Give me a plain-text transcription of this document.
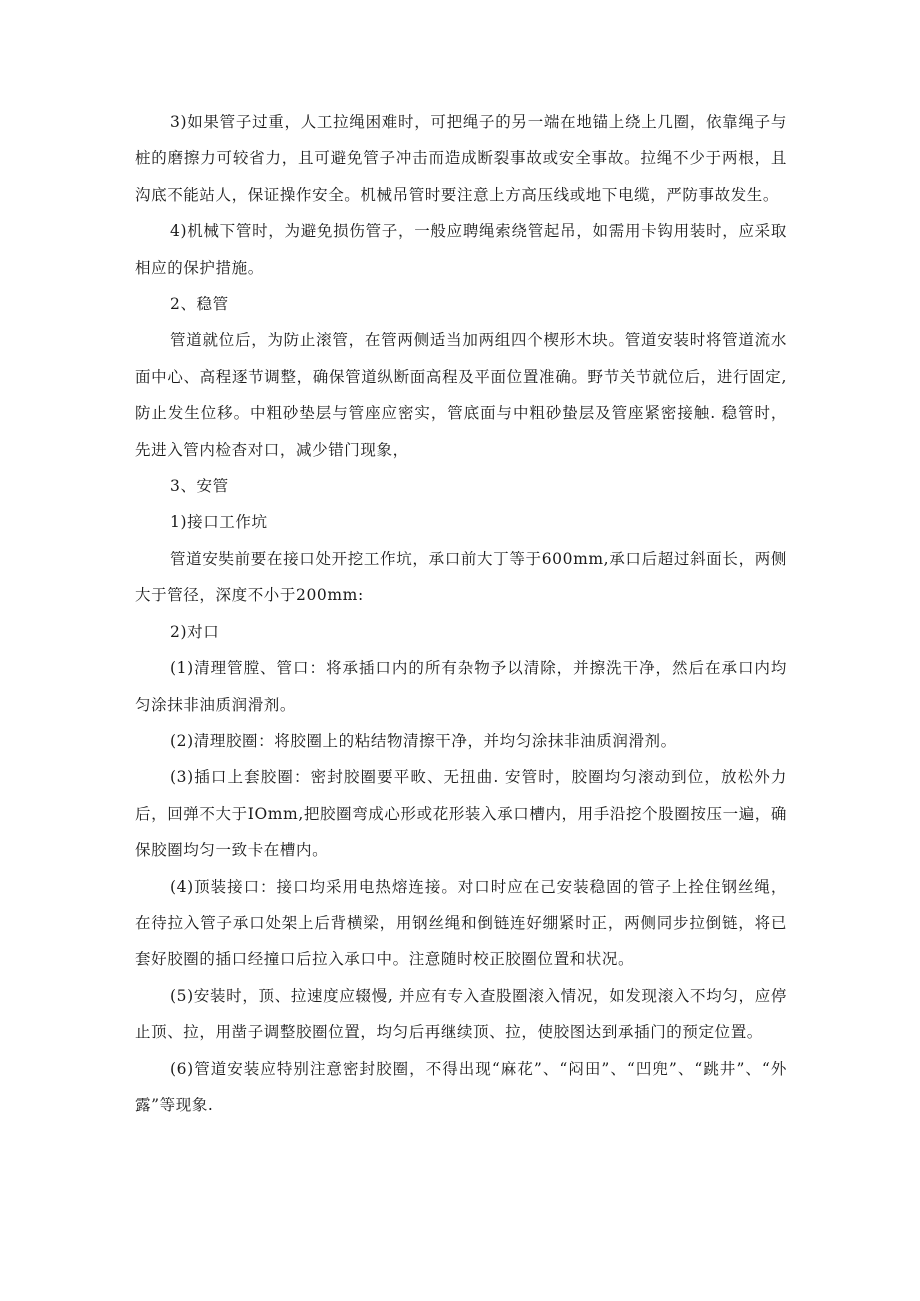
3)如果管子过重，人工拉绳困难时，可把绳子的另一端在地锚上绕上几圈，依靠绳子与桩的磨擦力可较省力，且可避免管子冲击而造成断裂事故或安全事故。拉绳不少于两根，且沟底不能站人，保证操作安全。机械吊管时要注意上方高压线或地下电缆，严防事故发生。

4)机械下管时，为避免损伤管子，一般应聘绳索绕管起吊，如需用卡钩用装时，应采取相应的保护措施。

2、稳管

管道就位后，为防止滚管，在管两侧适当加两组四个楔形木块。管道安装时将管道流水面中心、高程逐节调整，确保管道纵断面高程及平面位置准确。野节关节就位后，进行固定, 防止发生位移。中粗砂垫层与管座应密实，管底面与中粗砂蛰层及管座紧密接触. 稳管时，先进入管内检杳对口，减少错门现象，

3、安管

1)接口工作坑

管道安奘前要在接口处开挖工作坑，承口前大丁等于600mm,承口后超过斜面长，两侧大于管径，深度不小于200mm:

2)对口

(1)清理管膛、管口：将承插口内的所有杂物予以清除，并擦洗干净，然后在承口内均匀涂抹非油质润滑剂。

(2)清理胶圈：将胶圈上的粘结物清擦干净，并均匀涂抹非油质润滑剂。

(3)插口上套胶圈：密封胶圈要平畋、无扭曲. 安管时，胶圈均匀滚动到位，放松外力后，回弹不大于IOmm,把胶圈弯成心形或花形装入承口槽内，用手沿挖个股圈按压一遍，确保胶圈均匀一致卡在槽内。

(4)顶装接口：接口均采用电热熔连接。对口时应在己安装稳固的管子上拴住钢丝绳，在待拉入管子承口处架上后背横梁，用钢丝绳和倒链连好绷紧时正，两侧同步拉倒链，将已套好胶圈的插口经撞口后拉入承口中。注意随时校正胶圈位置和状况。

(5)安装时，顶、拉速度应辍慢, 并应有专入查股圈滚入情况，如发现滚入不均匀，应停止顶、拉，用凿子调整胶圈位置，均匀后再继续顶、拉，使胶图达到承插门的预定位置。

(6)管道安装应特别注意密封胶圈，不得出现“麻花”、“闷田”、“凹兜”、“跳井”、“外露”等现象.
